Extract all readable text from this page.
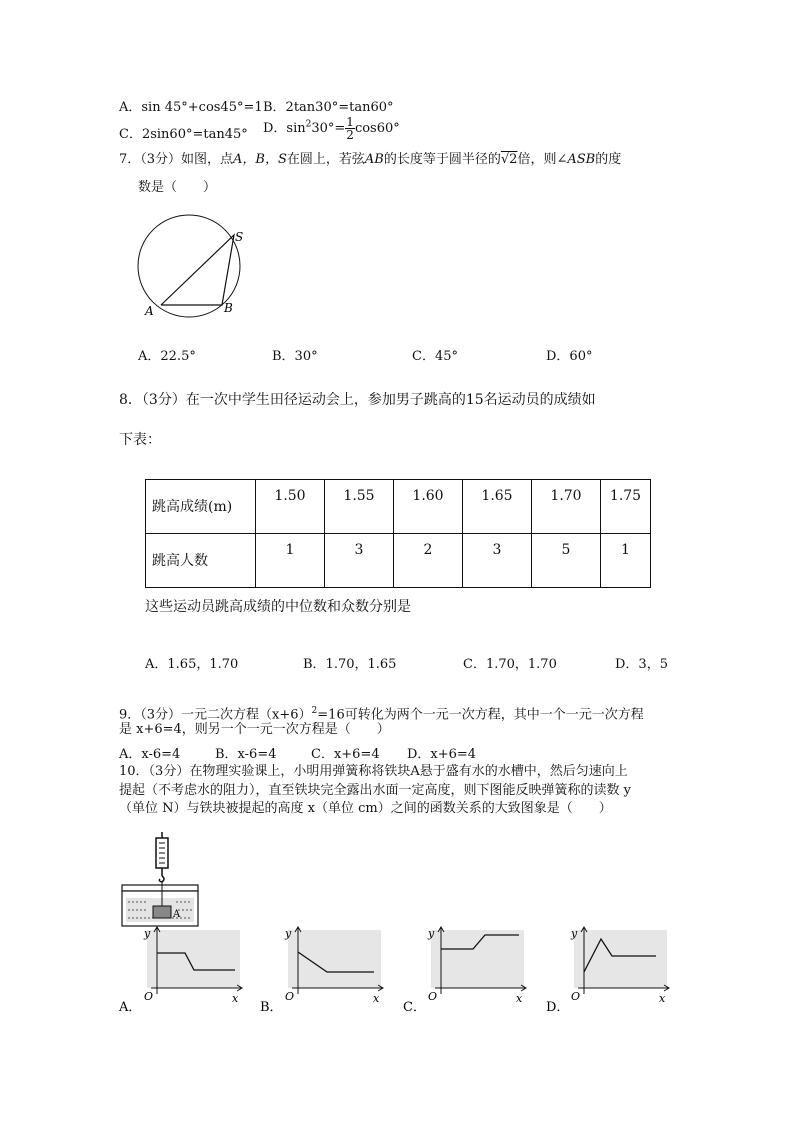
A．sin 45°+cos45°=1 B．2tan30°=tan60°
C．2sin60°=tan45° D．$\sin^230^\circ= \frac{1}{2} \cos 60^\circ$
7．（3分）如图，点A，B，S在圆上，若弦AB的长度等于圆半径的√2倍，则∠ASB的度
数是（　　）
S
A	B
A．22.5°	B．30°	C．45°	D．60°
8．（3分）在一次中学生田径运动会上，参加男子跳高的15名运动员的成绩如
下表：
跳高成绩(m)	1.50	1.55	1.60	1.65	1.70	1.75
跳高人数	1	3	2	3	5	1
这些运动员跳高成绩的中位数和众数分别是
A．1.65，1.70	B．1.70，1.65	C．1.70，1.70	D．3，5
9．（3分）一元二次方程$(x+6)^2=16$可转化为两个一元一次方程，其中一个一元一次方程
是 x+6=4，则另一个一元一次方程是（　　）
A．x-6=4	B．x-6=4	C．x+6=4 D．x+6=4
10．（3分）在物理实验课上，小明用弹簧称将铁块A悬于盛有水的水槽中，然后匀速向上
提起（不考虑水的阻力），直至铁块完全露出水面一定高度，则下图能反映弹簧称的读数 y
（单位 N）与铁块被提起的高度 x（单位 cm）之间的函数关系的大致图象是（　　）
A
y
O	x
A．
y
O	x
B．
y
O	x
C．
y
O	x
D．
